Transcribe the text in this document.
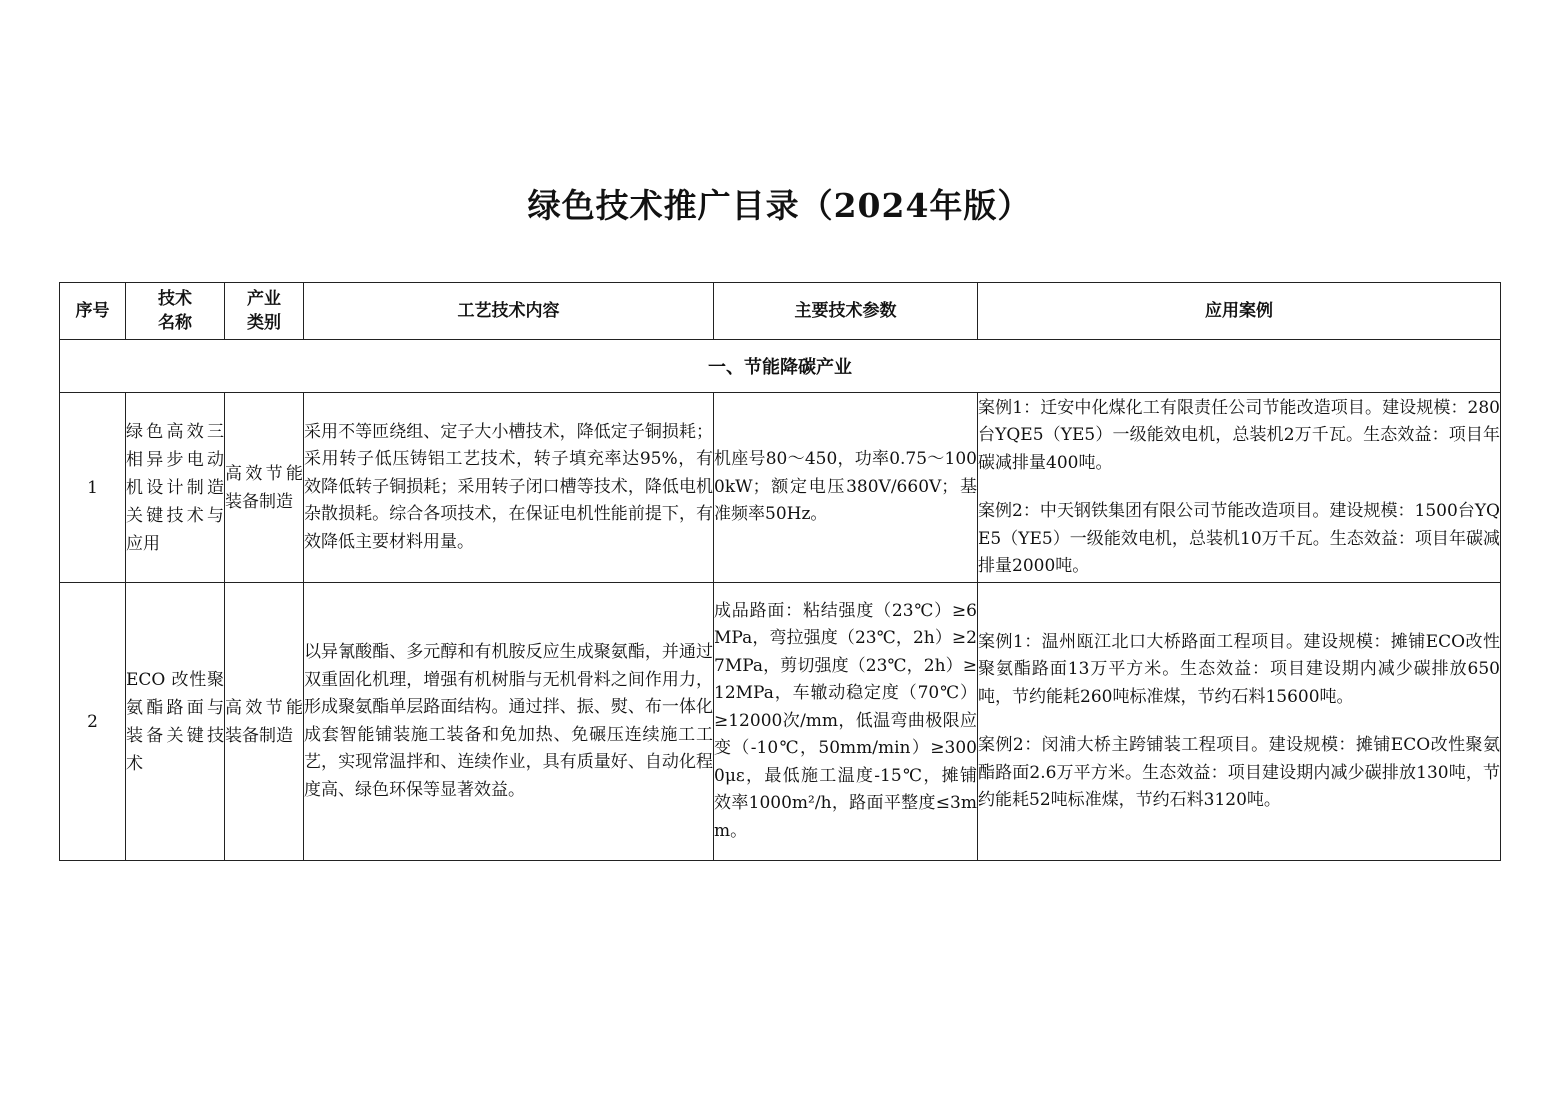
绿色技术推广目录（2024年版）
序号	技术名称	产业类别	工艺技术内容	主要技术参数	应用案例
一、节能降碳产业					
1	绿色高效三相异步电动机设计制造关键技术与应用	高效节能装备制造	采用不等匝绕组、定子大小槽技术，降低定子铜损耗；采用转子低压铸铝工艺技术，转子填充率达95%，有效降低转子铜损耗；采用转子闭口槽等技术，降低电机杂散损耗。综合各项技术，在保证电机性能前提下，有效降低主要材料用量。	机座号80～450，功率0.75～1000kW；额定电压380V/660V；基准频率50Hz。	案例1：迁安中化煤化工有限责任公司节能改造项目。建设规模：280台YQE5（YE5）一级能效电机，总装机2万千瓦。生态效益：项目年碳减排量400吨。
案例2：中天钢铁集团有限公司节能改造项目。建设规模：1500台YQE5（YE5）一级能效电机，总装机10万千瓦。生态效益：项目年碳减排量2000吨。

2	ECO 改性聚氨酯路面与装备关键技术	高效节能装备制造	以异氰酸酯、多元醇和有机胺反应生成聚氨酯，并通过双重固化机理，增强有机树脂与无机骨料之间作用力，形成聚氨酯单层路面结构。通过拌、振、熨、布一体化成套智能铺装施工装备和免加热、免碾压连续施工工艺，实现常温拌和、连续作业，具有质量好、自动化程度高、绿色环保等显著效益。	成品路面：粘结强度（23℃）≥6MPa，弯拉强度（23℃，2h）≥27MPa，剪切强度（23℃，2h）≥12MPa，车辙动稳定度（70℃）≥12000次/mm，低温弯曲极限应变（-10℃，50mm/min）≥3000με，最低施工温度-15℃，摊铺效率1000m²/h，路面平整度≤3mm。	案例1：温州瓯江北口大桥路面工程项目。建设规模：摊铺ECO改性聚氨酯路面13万平方米。生态效益：项目建设期内减少碳排放650吨，节约能耗260吨标准煤，节约石料15600吨。
案例2：闵浦大桥主跨铺装工程项目。建设规模：摊铺ECO改性聚氨酯路面2.6万平方米。生态效益：项目建设期内减少碳排放130吨，节约能耗52吨标准煤，节约石料3120吨。
